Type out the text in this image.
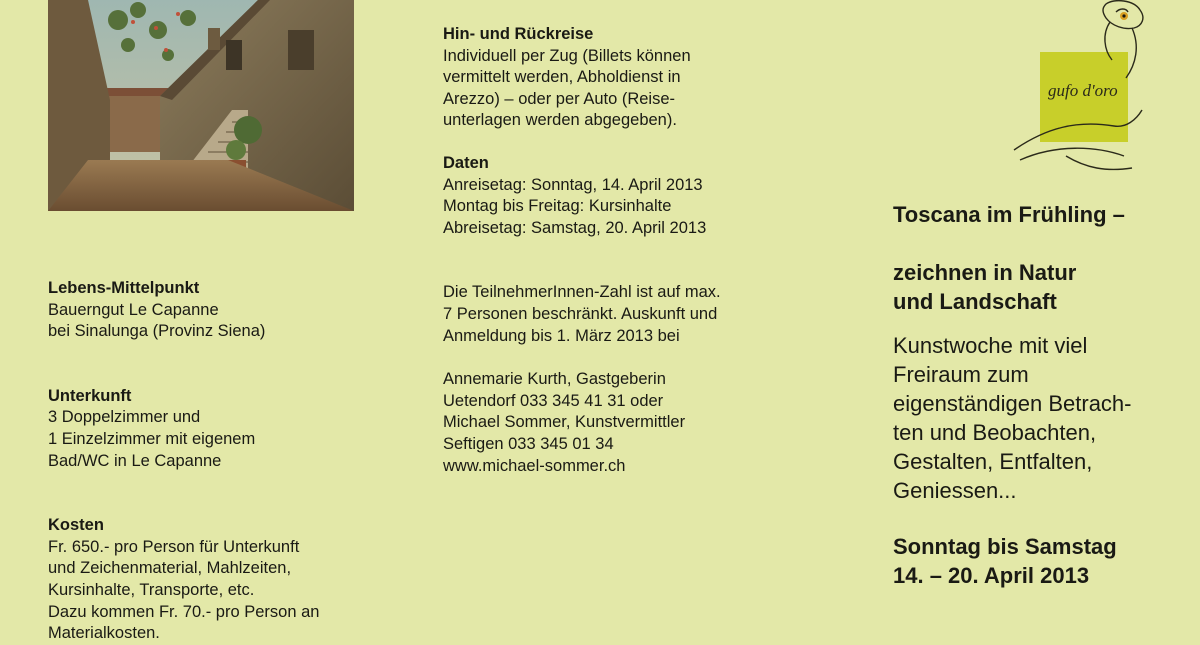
Lebens-Mittelpunkt

Bauerngut Le Capanne

bei Sinalunga (Provinz Siena)

Unterkunft

3 Doppelzimmer und

1 Einzelzimmer mit eigenem

Bad/WC in Le Capanne

Kosten

Fr. 650.- pro Person für Unterkunft

und Zeichenmaterial, Mahlzeiten,

Kursinhalte, Transporte, etc.

Dazu kommen Fr. 70.- pro Person an

Materialkosten.

Hin- und Rückreise

Individuell per Zug (Billets können

vermittelt werden, Abholdienst in

Arezzo) – oder per Auto (Reise-

unterlagen werden abgegeben).

Daten

Anreisetag: Sonntag, 14. April 2013

Montag bis Freitag: Kursinhalte

Abreisetag: Samstag, 20. April 2013

Die TeilnehmerInnen-Zahl ist auf max.

7 Personen beschränkt. Auskunft und

Anmeldung bis 1. März 2013 bei

Annemarie Kurth, Gastgeberin

Uetendorf 033 345 41 31 oder

Michael Sommer, Kunstvermittler

Seftigen 033 345 01 34

www.michael-sommer.ch

gufo d'oro

Toscana im Frühling –

zeichnen in Natur

und Landschaft

Kunstwoche mit viel

Freiraum zum

eigenständigen Betrach-

ten und Beobachten,

Gestalten, Entfalten,

Geniessen...

Sonntag bis Samstag

14. – 20. April 2013
